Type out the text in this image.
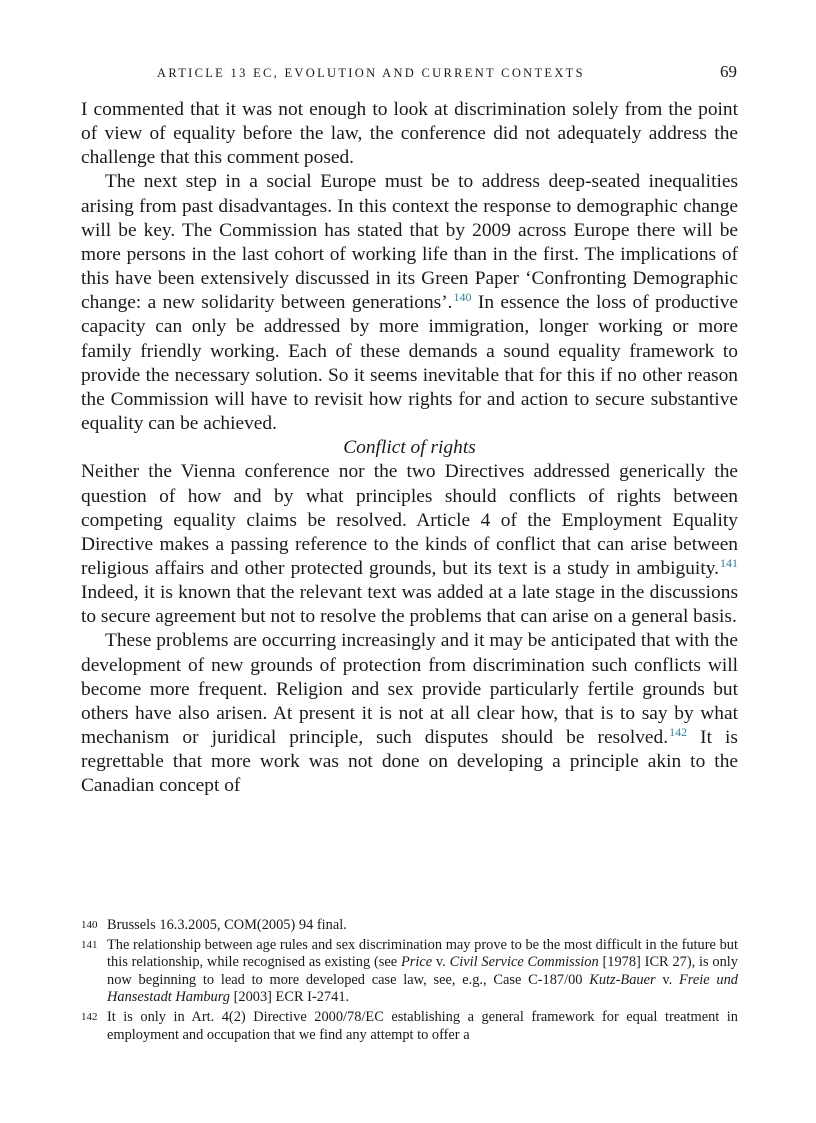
ARTICLE 13 EC, EVOLUTION AND CURRENT CONTEXTS	69

I commented that it was not enough to look at discrimination solely from the point of view of equality before the law, the conference did not adequately address the challenge that this comment posed.

The next step in a social Europe must be to address deep-seated inequalities arising from past disadvantages. In this context the response to demographic change will be key. The Commission has stated that by 2009 across Europe there will be more persons in the last cohort of working life than in the first. The implications of this have been extensively discussed in its Green Paper ‘Confronting Demographic change: a new solidarity between generations’.$^{140}$ In essence the loss of productive capacity can only be addressed by more immigration, longer working or more family friendly working. Each of these demands a sound equality framework to provide the necessary solution. So it seems inevitable that for this if no other reason the Commission will have to revisit how rights for and action to secure substantive equality can be achieved.

Conflict of rights

Neither the Vienna conference nor the two Directives addressed generically the question of how and by what principles should conflicts of rights between competing equality claims be resolved. Article 4 of the Employment Equality Directive makes a passing reference to the kinds of conflict that can arise between religious affairs and other protected grounds, but its text is a study in ambiguity.$^{141}$ Indeed, it is known that the relevant text was added at a late stage in the discussions to secure agreement but not to resolve the problems that can arise on a general basis.

These problems are occurring increasingly and it may be anticipated that with the development of new grounds of protection from discrimination such conflicts will become more frequent. Religion and sex provide particularly fertile grounds but others have also arisen. At present it is not at all clear how, that is to say by what mechanism or juridical principle, such disputes should be resolved.$^{142}$ It is regrettable that more work was not done on developing a principle akin to the Canadian concept of

140 Brussels 16.3.2005, COM(2005) 94 final.
141 The relationship between age rules and sex discrimination may prove to be the most difficult in the future but this relationship, while recognised as existing (see Price v. Civil Service Commission [1978] ICR 27), is only now beginning to lead to more developed case law, see, e.g., Case C-187/00 Kutz-Bauer v. Freie und Hansestadt Hamburg [2003] ECR I-2741.
142 It is only in Art. 4(2) Directive 2000/78/EC establishing a general framework for equal treatment in employment and occupation that we find any attempt to offer a
